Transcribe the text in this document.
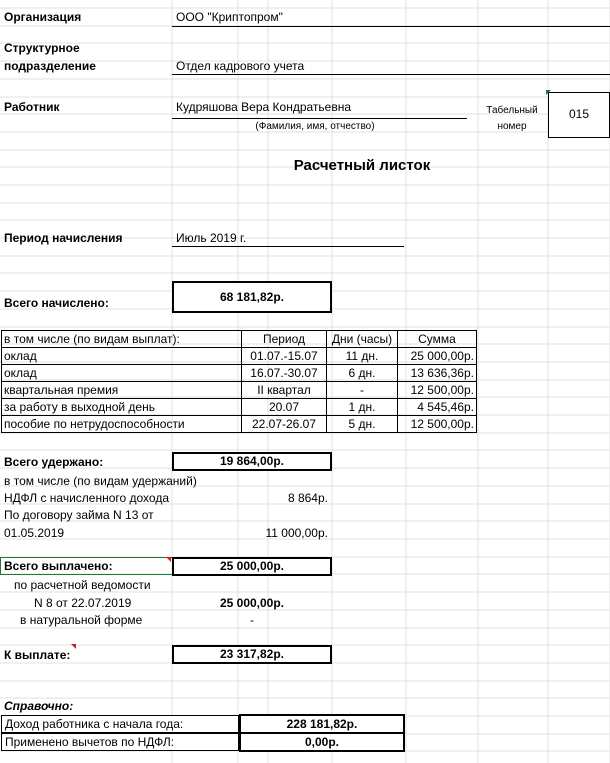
Организация	ООО "Криптопром"
Структурное
подразделение	Отдел кадрового учета
Работник	Кудряшова Вера Кондратьевна
(Фамилия, имя, отчество)
Табельный
номер
015
Расчетный листок
Период начисления	Июль 2019 г.
Всего начислено:	68 181,82р.
в том числе (по видам выплат):	Период	Дни (часы)	Сумма
оклад	01.07.-15.07	11 дн.	25 000,00р.
оклад	16.07.-30.07	6 дн.	13 636,36р.
квартальная премия	II квартал	-	12 500,00р.
за работу в выходной день	20.07	1 дн.	4 545,46р.
пособие по нетрудоспособности	22.07-26.07	5 дн.	12 500,00р.
Всего удержано:	19 864,00р.
в том числе (по видам удержаний)
НДФЛ с начисленного дохода	8 864р.
По договору займа N 13 от
01.05.2019	11 000,00р.
Всего выплачено:	25 000,00р.
по расчетной ведомости
N 8 от 22.07.2019	25 000,00р.
в натуральной форме	-
К выплате:	23 317,82р.
Справочно:
Доход работника с начала года:	228 181,82р.
Применено вычетов по НДФЛ:	0,00р.
